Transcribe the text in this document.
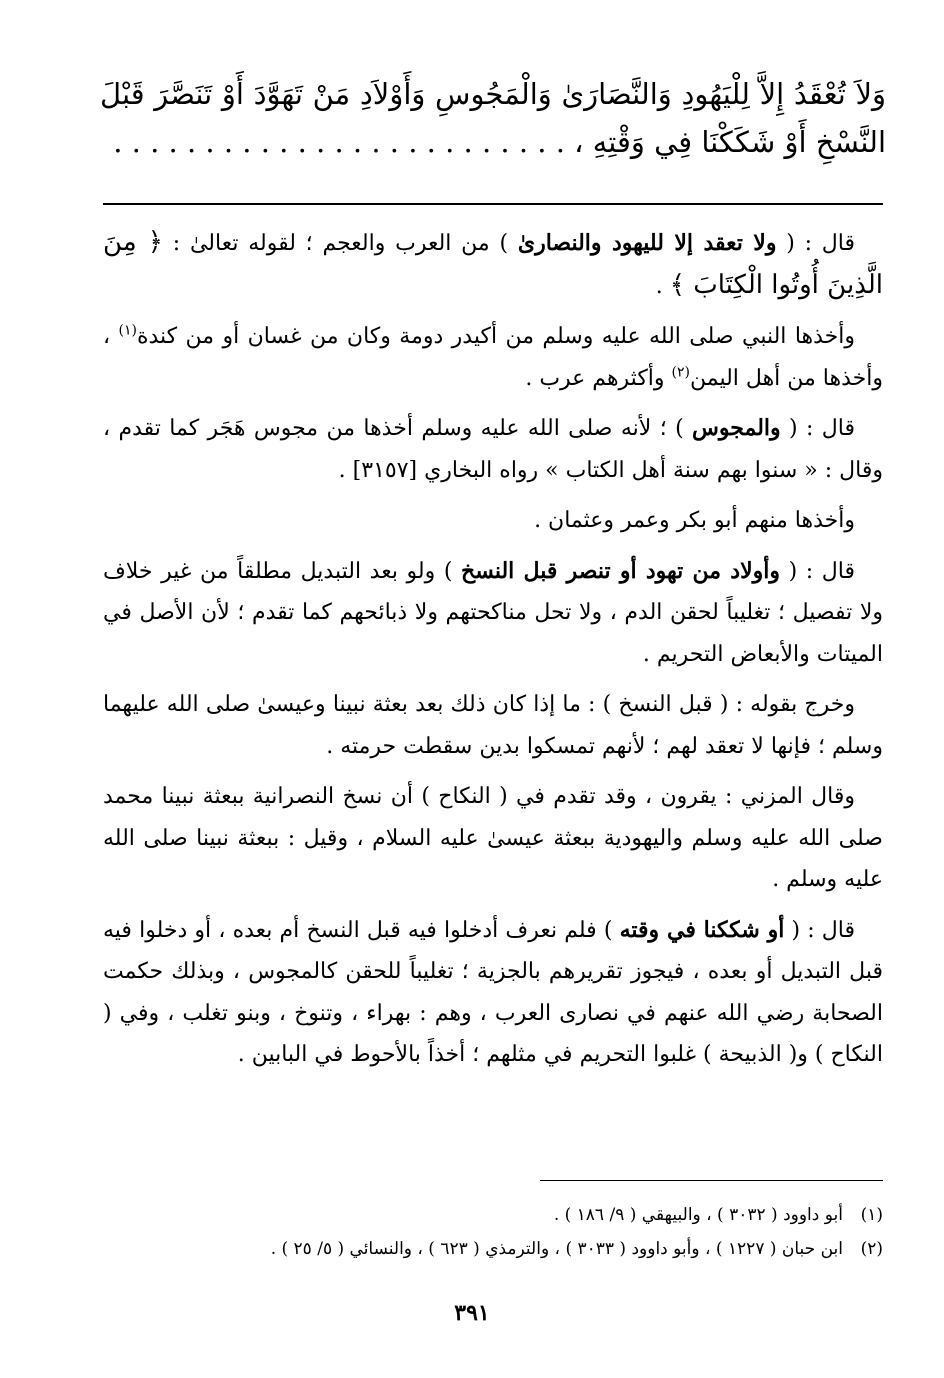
وَلاَ تُعْقَدُ إِلاَّ لِلْيَهُودِ وَالنَّصَارَىٰ وَالْمَجُوسِ وَأَوْلاَدِ مَنْ تَهَوَّدَ أَوْ تَنَصَّرَ قَبْلَ النَّسْخِ أَوْ شَكَكْنَا فِي وَقْتِهِ ، . . . . . . . . . . . . . . . . . . . . . . . . .

قال : ( ولا تعقد إلا لليهود والنصارىٰ ) من العرب والعجم ؛ لقوله تعالىٰ : ﴿ مِنَ الَّذِينَ أُوتُوا الْكِتَابَ ﴾ .

وأخذها النبي صلى الله عليه وسلم من أكيدر دومة وكان من غسان أو من كندة$^{(١)}$ ، وأخذها من أهل اليمن$^{(٢)}$ وأكثرهم عرب .

قال : ( والمجوس ) ؛ لأنه صلى الله عليه وسلم أخذها من مجوس هَجَر كما تقدم ، وقال : « سنوا بهم سنة أهل الكتاب » رواه البخاري [٣١٥٧] .

وأخذها منهم أبو بكر وعمر وعثمان .

قال : ( وأولاد من تهود أو تنصر قبل النسخ ) ولو بعد التبديل مطلقاً من غير خلاف ولا تفصيل ؛ تغليباً لحقن الدم ، ولا تحل مناكحتهم ولا ذبائحهم كما تقدم ؛ لأن الأصل في الميتات والأبعاض التحريم .

وخرج بقوله : ( قبل النسخ ) : ما إذا كان ذلك بعد بعثة نبينا وعيسىٰ صلى الله عليهما وسلم ؛ فإنها لا تعقد لهم ؛ لأنهم تمسكوا بدين سقطت حرمته .

وقال المزني : يقرون ، وقد تقدم في ( النكاح ) أن نسخ النصرانية ببعثة نبينا محمد صلى الله عليه وسلم واليهودية ببعثة عيسىٰ عليه السلام ، وقيل : ببعثة نبينا صلى الله عليه وسلم .

قال : ( أو شككنا في وقته ) فلم نعرف أدخلوا فيه قبل النسخ أم بعده ، أو دخلوا فيه قبل التبديل أو بعده ، فيجوز تقريرهم بالجزية ؛ تغليباً للحقن كالمجوس ، وبذلك حكمت الصحابة رضي الله عنهم في نصارى العرب ، وهم : بهراء ، وتنوخ ، وبنو تغلب ، وفي ( النكاح ) و( الذبيحة ) غلبوا التحريم في مثلهم ؛ أخذاً بالأحوط في البابين .

(١)أبو داوود ( ٣٠٣٢ ) ، والبيهقي ( ٩/ ١٨٦ ) .
(٢)ابن حبان ( ١٢٢٧ ) ، وأبو داوود ( ٣٠٣٣ ) ، والترمذي ( ٦٢٣ ) ، والنسائي ( ٥/ ٢٥ ) .
٣٩١
